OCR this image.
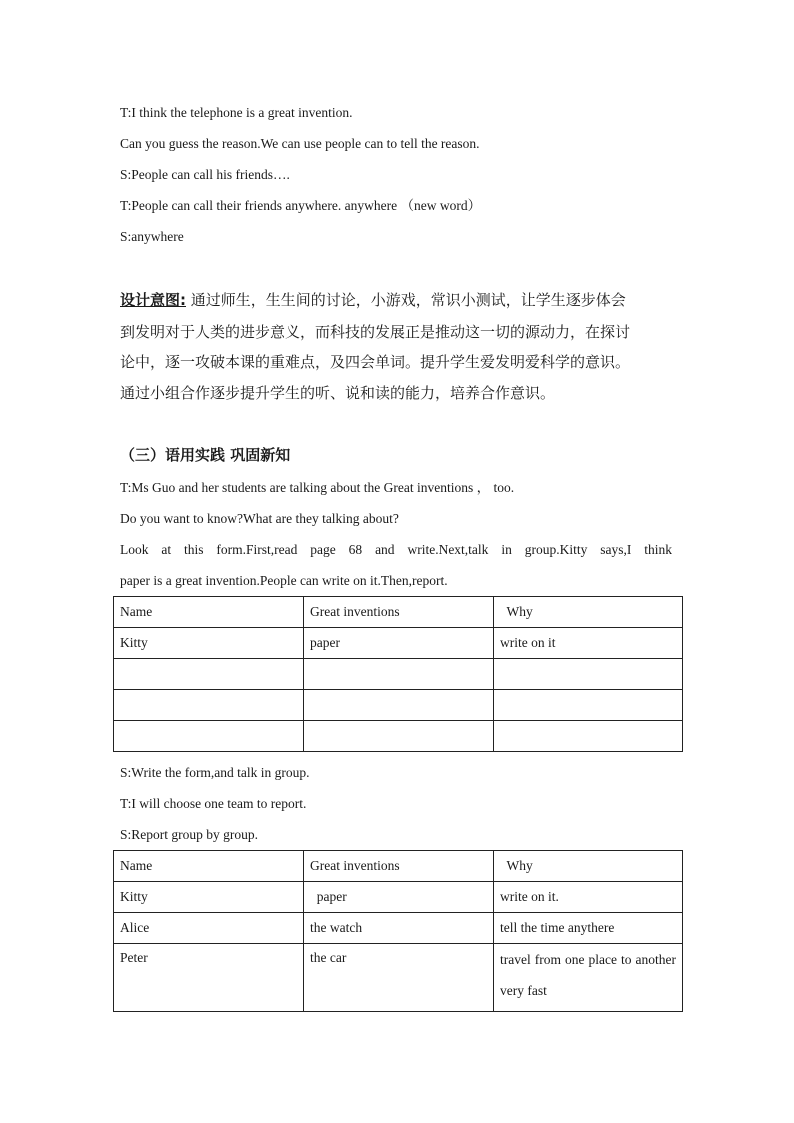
T:I think the telephone is a great invention.
Can you guess the reason.We can use people can to tell the reason.
S:People can call his friends….
T:People can call their friends anywhere. anywhere （new word）
S:anywhere
设计意图: 通过师生，生生间的讨论，小游戏，常识小测试，让学生逐步体会
到发明对于人类的进步意义，而科技的发展正是推动这一切的源动力，在探讨
论中，逐一攻破本课的重难点，及四会单词。提升学生爱发明爱科学的意识。
通过小组合作逐步提升学生的听、说和读的能力，培养合作意识。
（三）语用实践 巩固新知
T:Ms Guo and her students are talking about the Great inventions ， too.
Do you want to know?What are they talking about?
Look at this form.First,read page 68 and write.Next,talk in group.Kitty says,I think
paper is a great invention.People can write on it.Then,report.
Name	Great inventions	Why
Kitty	paper	write on it

S:Write the form,and talk in group.
T:I will choose one team to report.
S:Report group by group.
Name	Great inventions	Why
Kitty	paper	write on it.
Alice	the watch	tell the time anythere
Peter	the car	travel from one place to another very fast
